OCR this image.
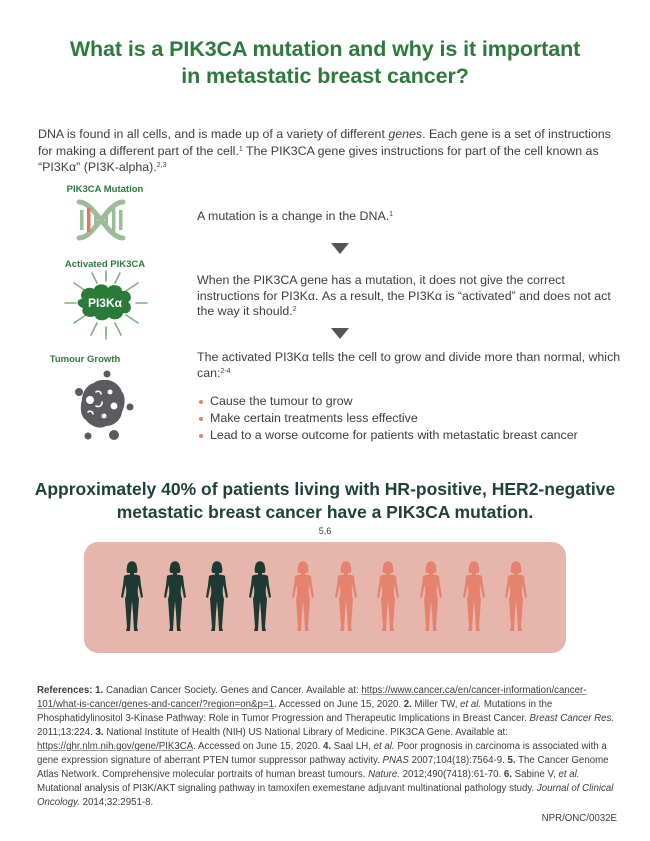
What is a PIK3CA mutation and why is it important
in metastatic breast cancer?

DNA is found in all cells, and is made up of a variety of different genes. Each gene is a set of instructions for making a different part of the cell.$^1$ The PIK3CA gene gives instructions for part of the cell known as “PI3Kα” (PI3K-alpha).$^{2,3}$

PIK3CA Mutation
A mutation is a change in the DNA.$^1$
Activated PIK3CA
PI3Kα
When the PIK3CA gene has a mutation, it does not give the correct instructions for PI3Kα. As a result, the PI3Kα is “activated” and does not act the way it should.$^2$
Tumour Growth	The activated PI3Kα tells the cell to grow and divide more than normal, which can:$^{2-4}$
Cause the tumour to grow
Make certain treatments less effective
Lead to a worse outcome for patients with metastatic breast cancer
Approximately 40% of patients living with HR-positive, HER2-negative
metastatic breast cancer have a PIK3CA mutation.
$^{5,6}$
References: 1. Canadian Cancer Society. Genes and Cancer. Available at: https://www.cancer.ca/en/cancer-information/cancer-101/what-is-cancer/genes-and-cancer/?region=on&p=1. Accessed on June 15, 2020. 2. Miller TW, et al. Mutations in the Phosphatidylinositol 3-Kinase Pathway: Role in Tumor Progression and Therapeutic Implications in Breast Cancer. Breast Cancer Res. 2011;13:224. 3. National Institute of Health (NIH) US National Library of Medicine. PIK3CA Gene. Available at: https://ghr.nlm.nih.gov/gene/PIK3CA. Accessed on June 15, 2020. 4. Saal LH, et al. Poor prognosis in carcinoma is associated with a gene expression signature of aberrant PTEN tumor suppressor pathway activity. PNAS 2007;104(18):7564-9. 5. The Cancer Genome Atlas Network. Comprehensive molecular portraits of human breast tumours. Nature. 2012;490(7418):61-70. 6. Sabine V, et al. Mutational analysis of PI3K/AKT signaling pathway in tamoxifen exemestane adjuvant multinational pathology study. Journal of Clinical Oncology. 2014;32:2951-8.
NPR/ONC/0032E
